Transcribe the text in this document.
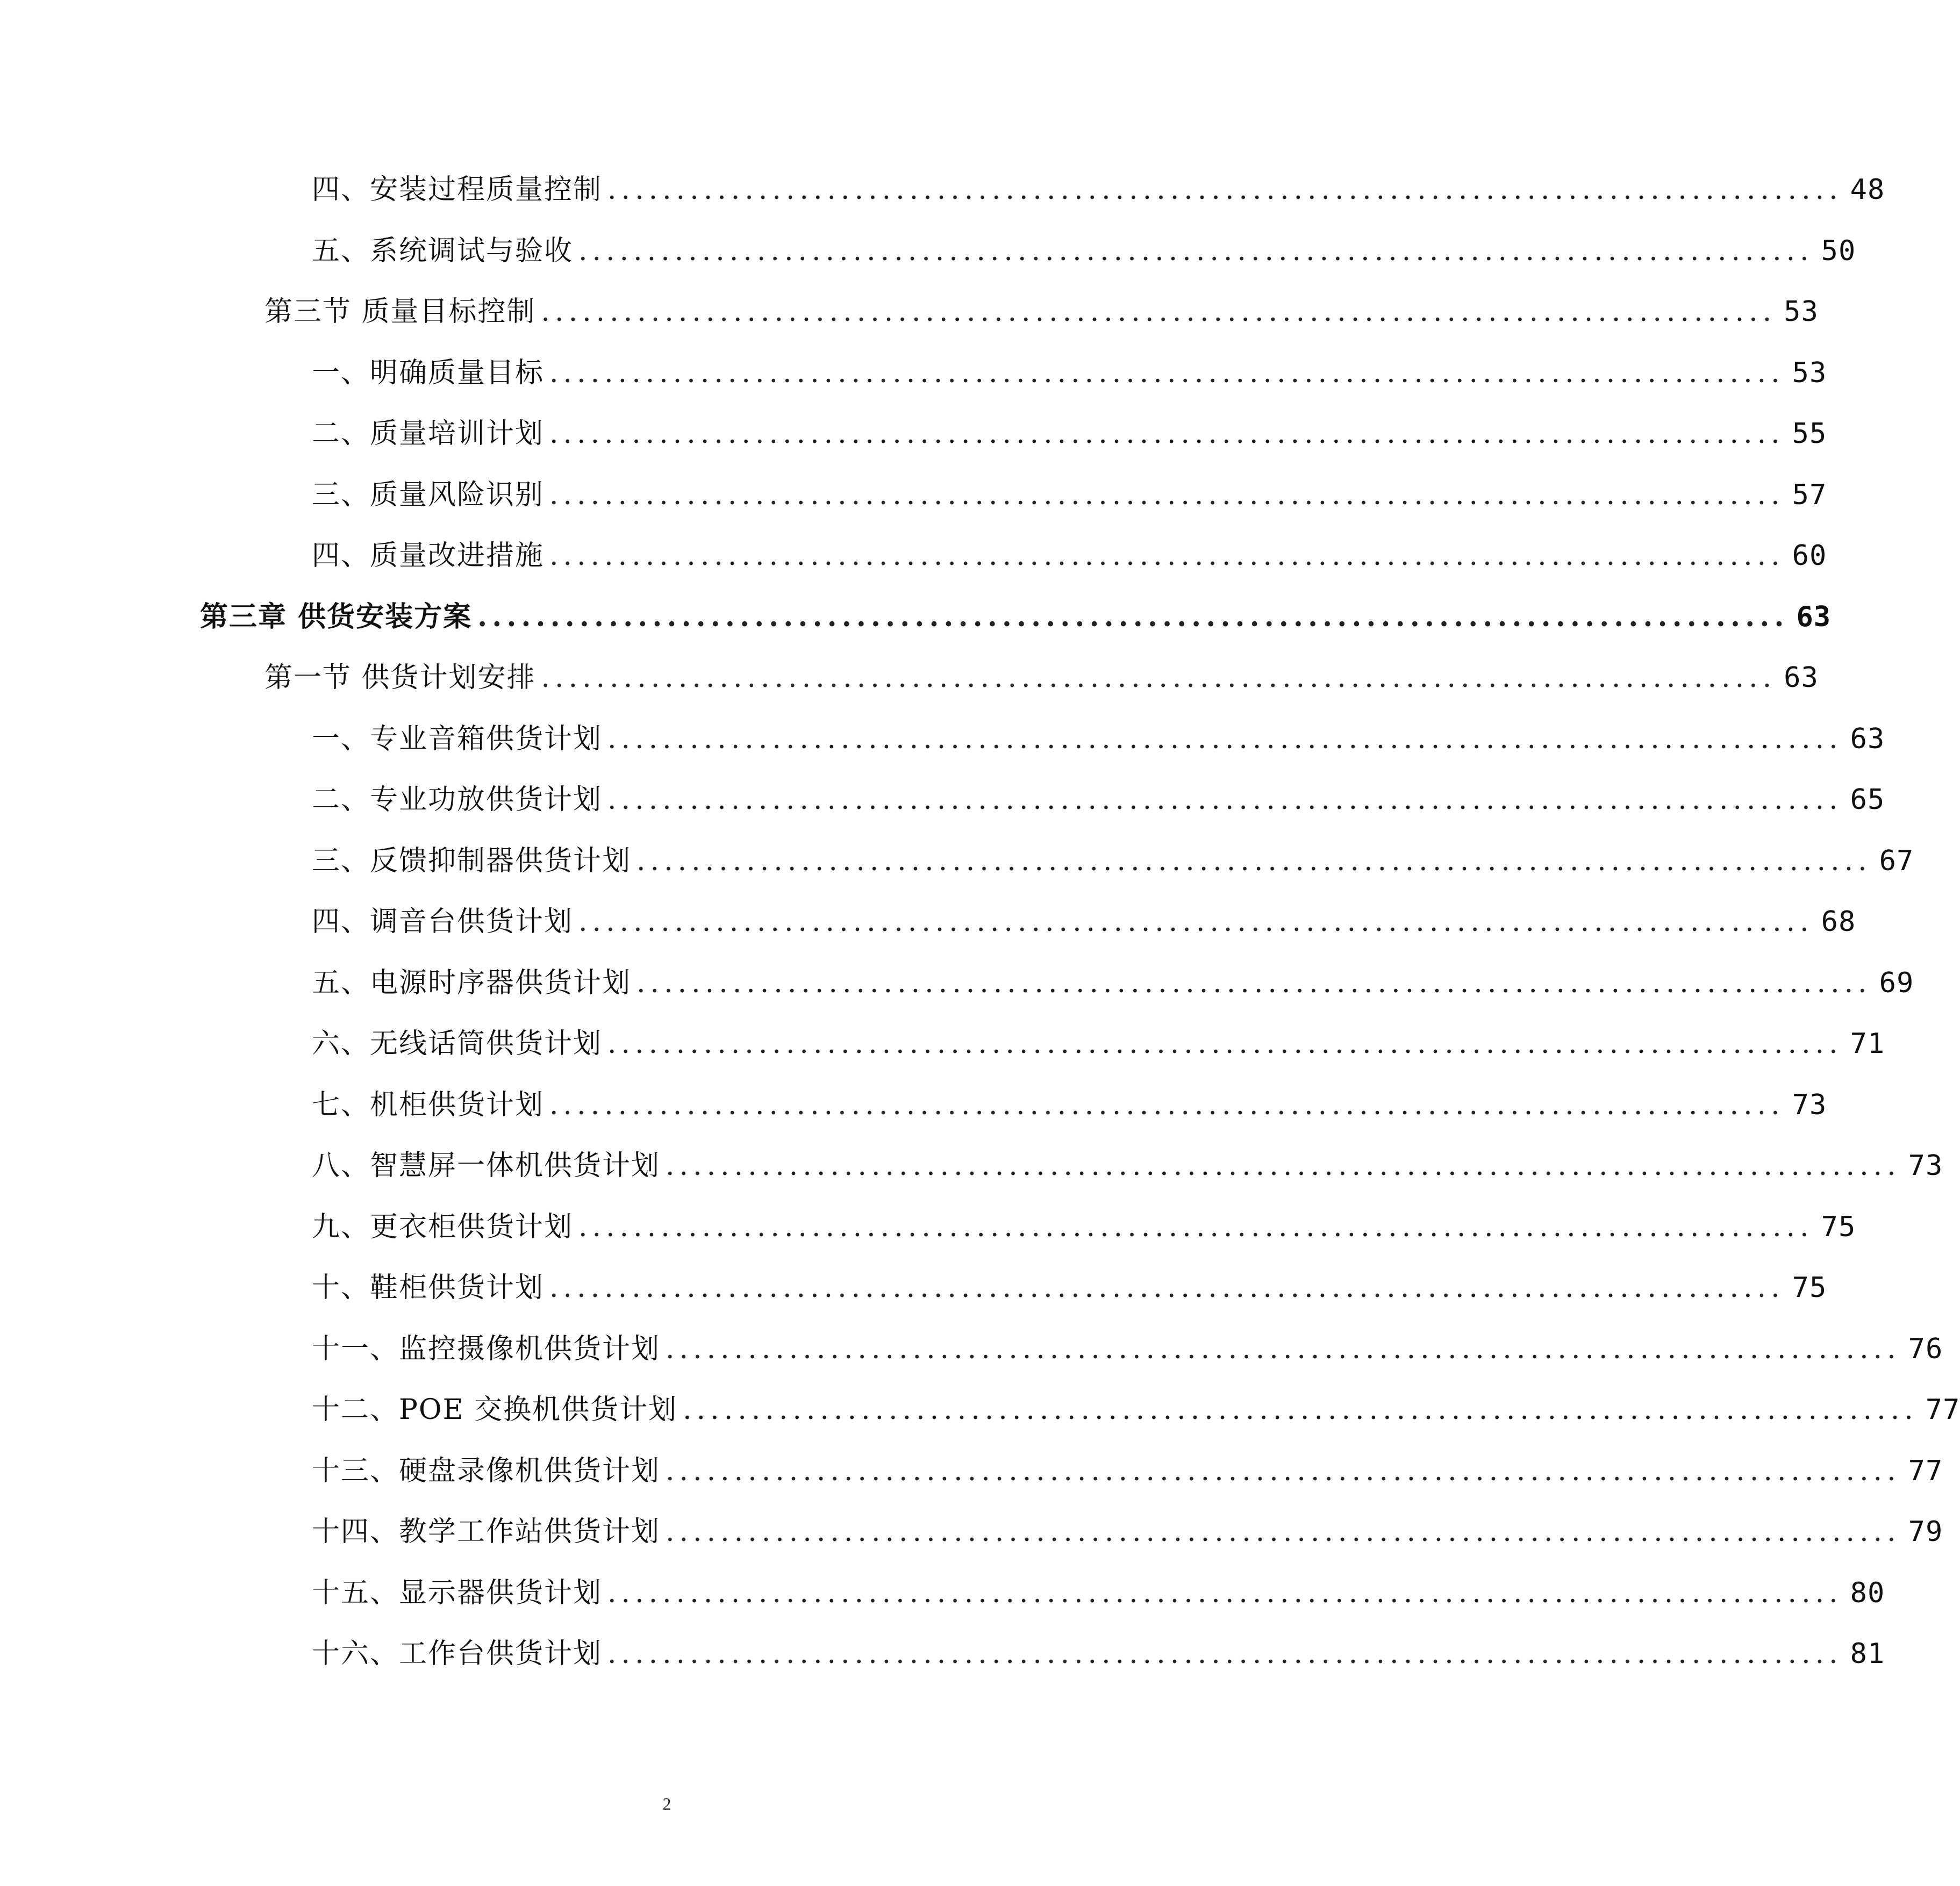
四、安装过程质量控制 .......................................................................................... 48
五、系统调试与验收 .......................................................................................... 50
第三节 质量目标控制 .......................................................................................... 53
一、明确质量目标 .......................................................................................... 53
二、质量培训计划 .......................................................................................... 55
三、质量风险识别 .......................................................................................... 57
四、质量改进措施 .......................................................................................... 60
第三章 供货安装方案 .......................................................................................... 63
第一节 供货计划安排 .......................................................................................... 63
一、专业音箱供货计划 .......................................................................................... 63
二、专业功放供货计划 .......................................................................................... 65
三、反馈抑制器供货计划 .......................................................................................... 67
四、调音台供货计划 .......................................................................................... 68
五、电源时序器供货计划 .......................................................................................... 69
六、无线话筒供货计划 .......................................................................................... 71
七、机柜供货计划 .......................................................................................... 73
八、智慧屏一体机供货计划 .......................................................................................... 73
九、更衣柜供货计划 .......................................................................................... 75
十、鞋柜供货计划 .......................................................................................... 75
十一、监控摄像机供货计划 .......................................................................................... 76
十二、POE 交换机供货计划 .......................................................................................... 77
十三、硬盘录像机供货计划 .......................................................................................... 77
十四、教学工作站供货计划 .......................................................................................... 79
十五、显示器供货计划 .......................................................................................... 80
十六、工作台供货计划 .......................................................................................... 81
2
